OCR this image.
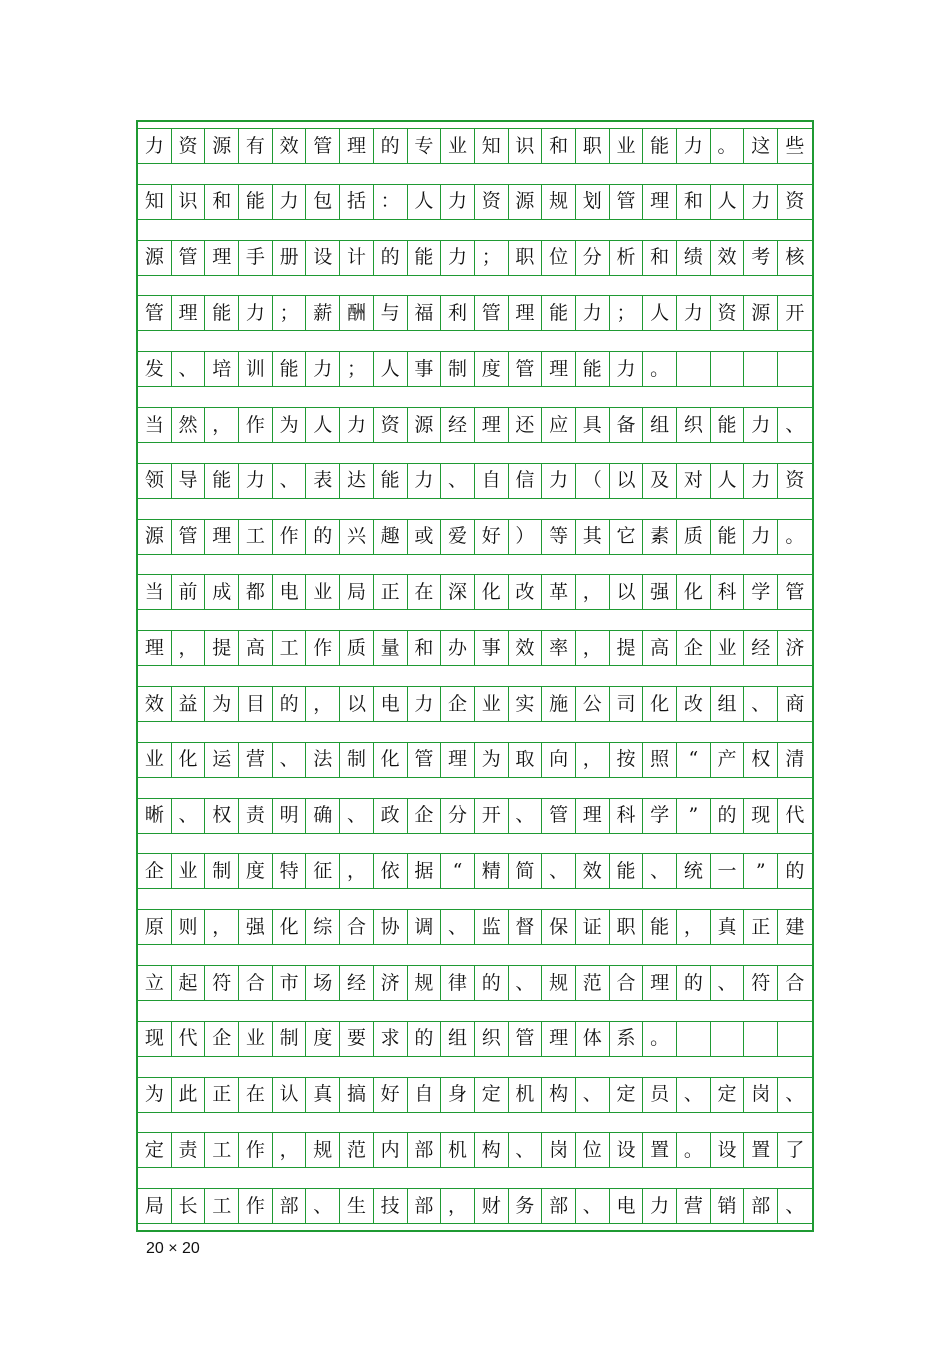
力 资 源 有 效 管 理 的 专 业 知 识 和 职 业 能 力 。 这 些
知 识 和 能 力 包 括 ： 人 力 资 源 规 划 管 理 和 人 力 资
源 管 理 手 册 设 计 的 能 力 ； 职 位 分 析 和 绩 效 考 核
管 理 能 力 ； 薪 酬 与 福 利 管 理 能 力 ； 人 力 资 源 开
发 、 培 训 能 力 ； 人 事 制 度 管 理 能 力 。
当 然 ， 作 为 人 力 资 源 经 理 还 应 具 备 组 织 能 力 、
领 导 能 力 、 表 达 能 力 、 自 信 力 （ 以 及 对 人 力 资
源 管 理 工 作 的 兴 趣 或 爱 好 ） 等 其 它 素 质 能 力 。
当 前 成 都 电 业 局 正 在 深 化 改 革 ， 以 强 化 科 学 管
理 ， 提 高 工 作 质 量 和 办 事 效 率 ， 提 高 企 业 经 济
效 益 为 目 的 ， 以 电 力 企 业 实 施 公 司 化 改 组 、 商
业 化 运 营 、 法 制 化 管 理 为 取 向 ， 按 照	“	产 权 清
晰 、 权 责 明 确 、 政 企 分 开 、 管 理 科 学	”	的 现 代
企 业 制 度 特 征 ， 依 据	“	精 简 、 效 能 、 统 一	”	的
原 则 ， 强 化 综 合 协 调 、 监 督 保 证 职 能 ， 真 正 建
立 起 符 合 市 场 经 济 规 律 的 、 规 范 合 理 的 、 符 合
现 代 企 业 制 度 要 求 的 组 织 管 理 体 系 。
为 此 正 在 认 真 搞 好 自 身 定 机 构 、 定 员 、 定 岗 、
定 责 工 作 ， 规 范 内 部 机 构 、 岗 位 设 置 。 设 置 了
局 长 工 作 部 、 生 技 部 ， 财 务 部 、 电 力 营 销 部 、
20 × 20
